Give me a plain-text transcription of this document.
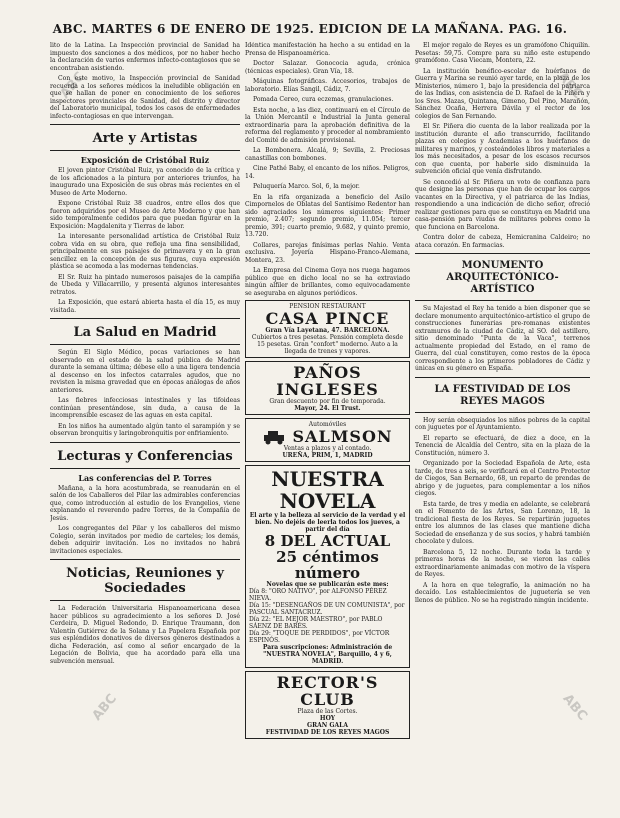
ABC. MARTES 6 DE ENERO DE 1925. EDICION DE LA MAÑANA. PAG. 16.
ABC
ABC
ABC
ABC

lito de la Latina. La Inspección provincial de Sanidad ha impuesto dos sanciones a dos médicos, por no haber hecho la declaración de varios enfermos infecto-contagiosos que se encontraban asistiendo.

Con este motivo, la Inspección provincial de Sanidad recuerda a los señores médicos la ineludible obligación en que se hallan de poner en conocimiento de los señores inspectores provinciales de Sanidad, del distrito y director del Laboratorio municipal, todos los casos de enfermedades infecto-contagiosas en que intervengan.

Arte y Artistas
Exposición de Cristóbal Ruiz

El joven pintor Cristóbal Ruiz, ya conocido de la crítica y de los aficionados a la pintura por anteriores triunfos, ha inaugurado una Exposición de sus obras más recientes en el Museo de Arte Moderno.

Expone Cristóbal Ruiz 38 cuadros, entre ellos dos que fueron adquiridos por el Museo de Arte Moderno y que han sido temporalmente cedidos para que puedan figurar en la Exposición: Magdalenita y Tierras de labor.

La interesante personalidad artística de Cristóbal Ruiz cobra vida en su obra, que refleja una fina sensibilidad, principalmente en sus paisajes de primavera y en la gran sencillez en la concepción de sus figuras, cuya expresión plástica se acomoda a las modernas tendencias.

El Sr. Ruiz ha pintado numerosos paisajes de la campiña de Ubeda y Villacarrillo, y presenta algunos interesantes retratos.

La Exposición, que estará abierta hasta el día 15, es muy visitada.

La Salud en Madrid

Según El Siglo Médico, pocas variaciones se han observado en el estado de la salud pública de Madrid durante la semana última; débese ello a una ligera tendencia al descenso en los infectos catarrales agudos, que no revisten la misma gravedad que en épocas análogas de años anteriores.

Las fiebres infecciosas intestinales y las tifoideas continúan presentándose, sin duda, a causa de la incomprensible escasez de las aguas en esta capital.

En los niños ha aumentado algún tanto el sarampión y se observan bronquitis y laringobronquitis por enfriamiento.

Lecturas y Conferencias
Las conferencias del P. Torres

Mañana, a la hora acostumbrada, se reanudarán en el salón de los Caballeros del Pilar las admirables conferencias que, como introducción al estudio de los Evangelios, viene explanando el reverendo padre Torres, de la Compañía de Jesús.

Los congregantes del Pilar y los caballeros del mismo Colegio, serán invitados por medio de carteles; los demás, deben adquirir invitación. Los no invitados no habrá invitaciones especiales.

Noticias, Reuniones y Sociedades

La Federación Universitaria Hispanoamericana desea hacer públicos su agradecimiento a los señores D. José Cerdeira, D. Miguel Redondo, D. Enrique Traumann, don Valentín Gutiérrez de la Solana y La Papelera Española por sus espléndidos donativos de diversos géneros destinados a dicha Federación, así como al señor encargado de la Legación de Bolivia, que ha acordado para ella una subvención mensual.

Idéntica manifestación ha hecho a su entidad en la Prensa de Hispanoamérica.

Doctor Salazar. Gonococia aguda, crónica (técnicas especiales). Gran Vía, 18.

Máquinas fotográficas. Accesorios, trabajos de laboratorio. Elías Sangil, Cádiz, 7.

Pomada Cereo, cura eczemas, granulaciones.

Esta noche, a las diez, continuará en el Círculo de la Unión Mercantil e Industrial la Junta general extraordinaria para la aprobación definitiva de la reforma del reglamento y proceder al nombramiento del Comité de admisión provisional.

La Bombonera. Alcalá, 9; Sevilla, 2. Preciosas canastillas con bombones.

Cine Pathé Baby, el encanto de los niños. Peligros, 14.

Peluquería Marco. Sol, 6, la mejor.

En la rifa organizada a beneficio del Asilo Cimpornelos de Oblatas del Santísimo Redentor han sido agraciados los números siguientes: Primer premio, 2.407; segundo premio, 11.054; tercer premio, 391; cuarto premio, 9.682, y quinto premio, 13.720.

Collares, parejas finísimas perlas Nahio. Venta exclusiva. Joyería Hispano-Franco-Alemana, Montera, 23.

La Empresa del Cinema Goya nos ruega hagamos público que en dicho local no se ha extraviado ningún alfiler de brillantes, como equivocadamente se aseguraba en algunos periódicos.

PENSION RESTAURANT
CASA PINCE
Gran Vía Layetana, 47. BARCELONA.
Cubiertos a tres pesetas. Pensión completa desde 15 pesetas. Gran "confort" moderno. Auto a la llegada de trenes y vapores.
PAÑOS INGLESES
Gran descuento por fin de temporada.
Mayor, 24. El Trust.
Automóviles
SALMSON
Ventas a plazos y al contado.
UREÑA, PRIM, 1, MADRID
NUESTRA NOVELA
El arte y la belleza al servicio de la verdad y el bien. No dejéis de leerla todos los jueves, a partir del día
8 DEL ACTUAL
25 céntimos número
Novelas que se publicarán este mes:
Día 8: "ORO NATIVO", por ALFONSO PÉREZ NIEVA.
Día 15: "DESENGAÑOS DE UN COMUNISTA", por PASCUAL SANTACRUZ.
Día 22: "EL MEJOR MAESTRO", por PABLO SÁENZ DE BARÉS.
Día 29: "TOQUE DE PERDIDOS", por VÍCTOR ESPINÓS.
Para suscripciones: Administración de "NUESTRA NOVELA", Barquillo, 4 y 6, MADRID.
RECTOR'S CLUB
Plaza de las Cortes.
HOY
GRAN GALA
FESTIVIDAD DE LOS REYES MAGOS

El mejor regalo de Reyes es un gramófono Chiquilín. Pesetas: 59,75. Compre para su niño este estupendo gramófono. Casa Viecam, Montera, 22.

La institución benéfico-escolar de huérfanos de Guerra y Marina se reunió ayer tarde, en la plaza de los Ministerios, número 1, bajo la presidencia del patriarca de las Indias, con asistencia de D. Rafael de la Piñera y los Sres. Mazas, Quintana, Gimeno, Del Pino, Marañón, Sánchez Ocaña, Herrera Dávila y el rector de los colegios de San Fernando.

El Sr. Piñera dio cuenta de la labor realizada por la institución durante el año transcurrido, facilitando plazas en colegios y Academias a los huérfanos de militares y marinos, y costeándoles libros y materiales a los más necesitados, a pesar de los escasos recursos con que cuenta, por haberle sido disminuida la subvención oficial que venía disfrutando.

Se concedió al Sr. Piñera un voto de confianza para que designe las personas que han de ocupar los cargos vacantes en la Directiva, y el patriarca de las Indias, respondiendo a una indicación de dicho señor, ofreció realizar gestiones para que se constituya en Madrid una casa-pensión para viudas de militares pobres como la que funciona en Barcelona.

Contra dolor de cabeza, Hemicranina Caldeiro; no ataca corazón. En farmacias.

MONUMENTO ARQUITECTÓNICO-ARTÍSTICO

Su Majestad el Rey ha tenido a bien disponer que se declare monumento arquitectónico-artístico el grupo de construcciones funerarias pre-romanas existentes extramuros de la ciudad de Cádiz, al SO. del astillero, sitio denominado "Punta de la Vaca", terrenos actualmente propiedad del Estado, en el ramo de Guerra, del cual constituyen, como restos de la época correspondiente a los primeros pobladores de Cádiz y únicas en su género en España.

LA FESTIVIDAD DE LOS REYES MAGOS

Hoy serán obsequiados los niños pobres de la capital con juguetes por el Ayuntamiento.

El reparto se efectuará, de diez a doce, en la Tenencia de Alcaldía del Centro, sita en la plaza de la Constitución, número 3.

Organizado por la Sociedad Española de Arte, esta tarde, de tres a seis, se verificará en el Centro Protector de Ciegos, San Bernardo, 68, un reparto de prendas de abrigo y de juguetes, para complementar a los niños ciegos.

Esta tarde, de tres y media en adelante, se celebrará en el Fomento de las Artes, San Lorenzo, 18, la tradicional fiesta de los Reyes. Se repartirán juguetes entre los alumnos de las clases que mantiene dicha Sociedad de enseñanza y de sus socios, y habrá también chocolate y dulces.

Barcelona 5, 12 noche. Durante toda la tarde y primeras horas de la noche, se vieron las calles extraordinariamente animadas con motivo de la víspera de Reyes.

A la hora en que telegrafío, la animación no ha decaído. Los establecimientos de juguetería se ven llenos de público. No se ha registrado ningún incidente.
